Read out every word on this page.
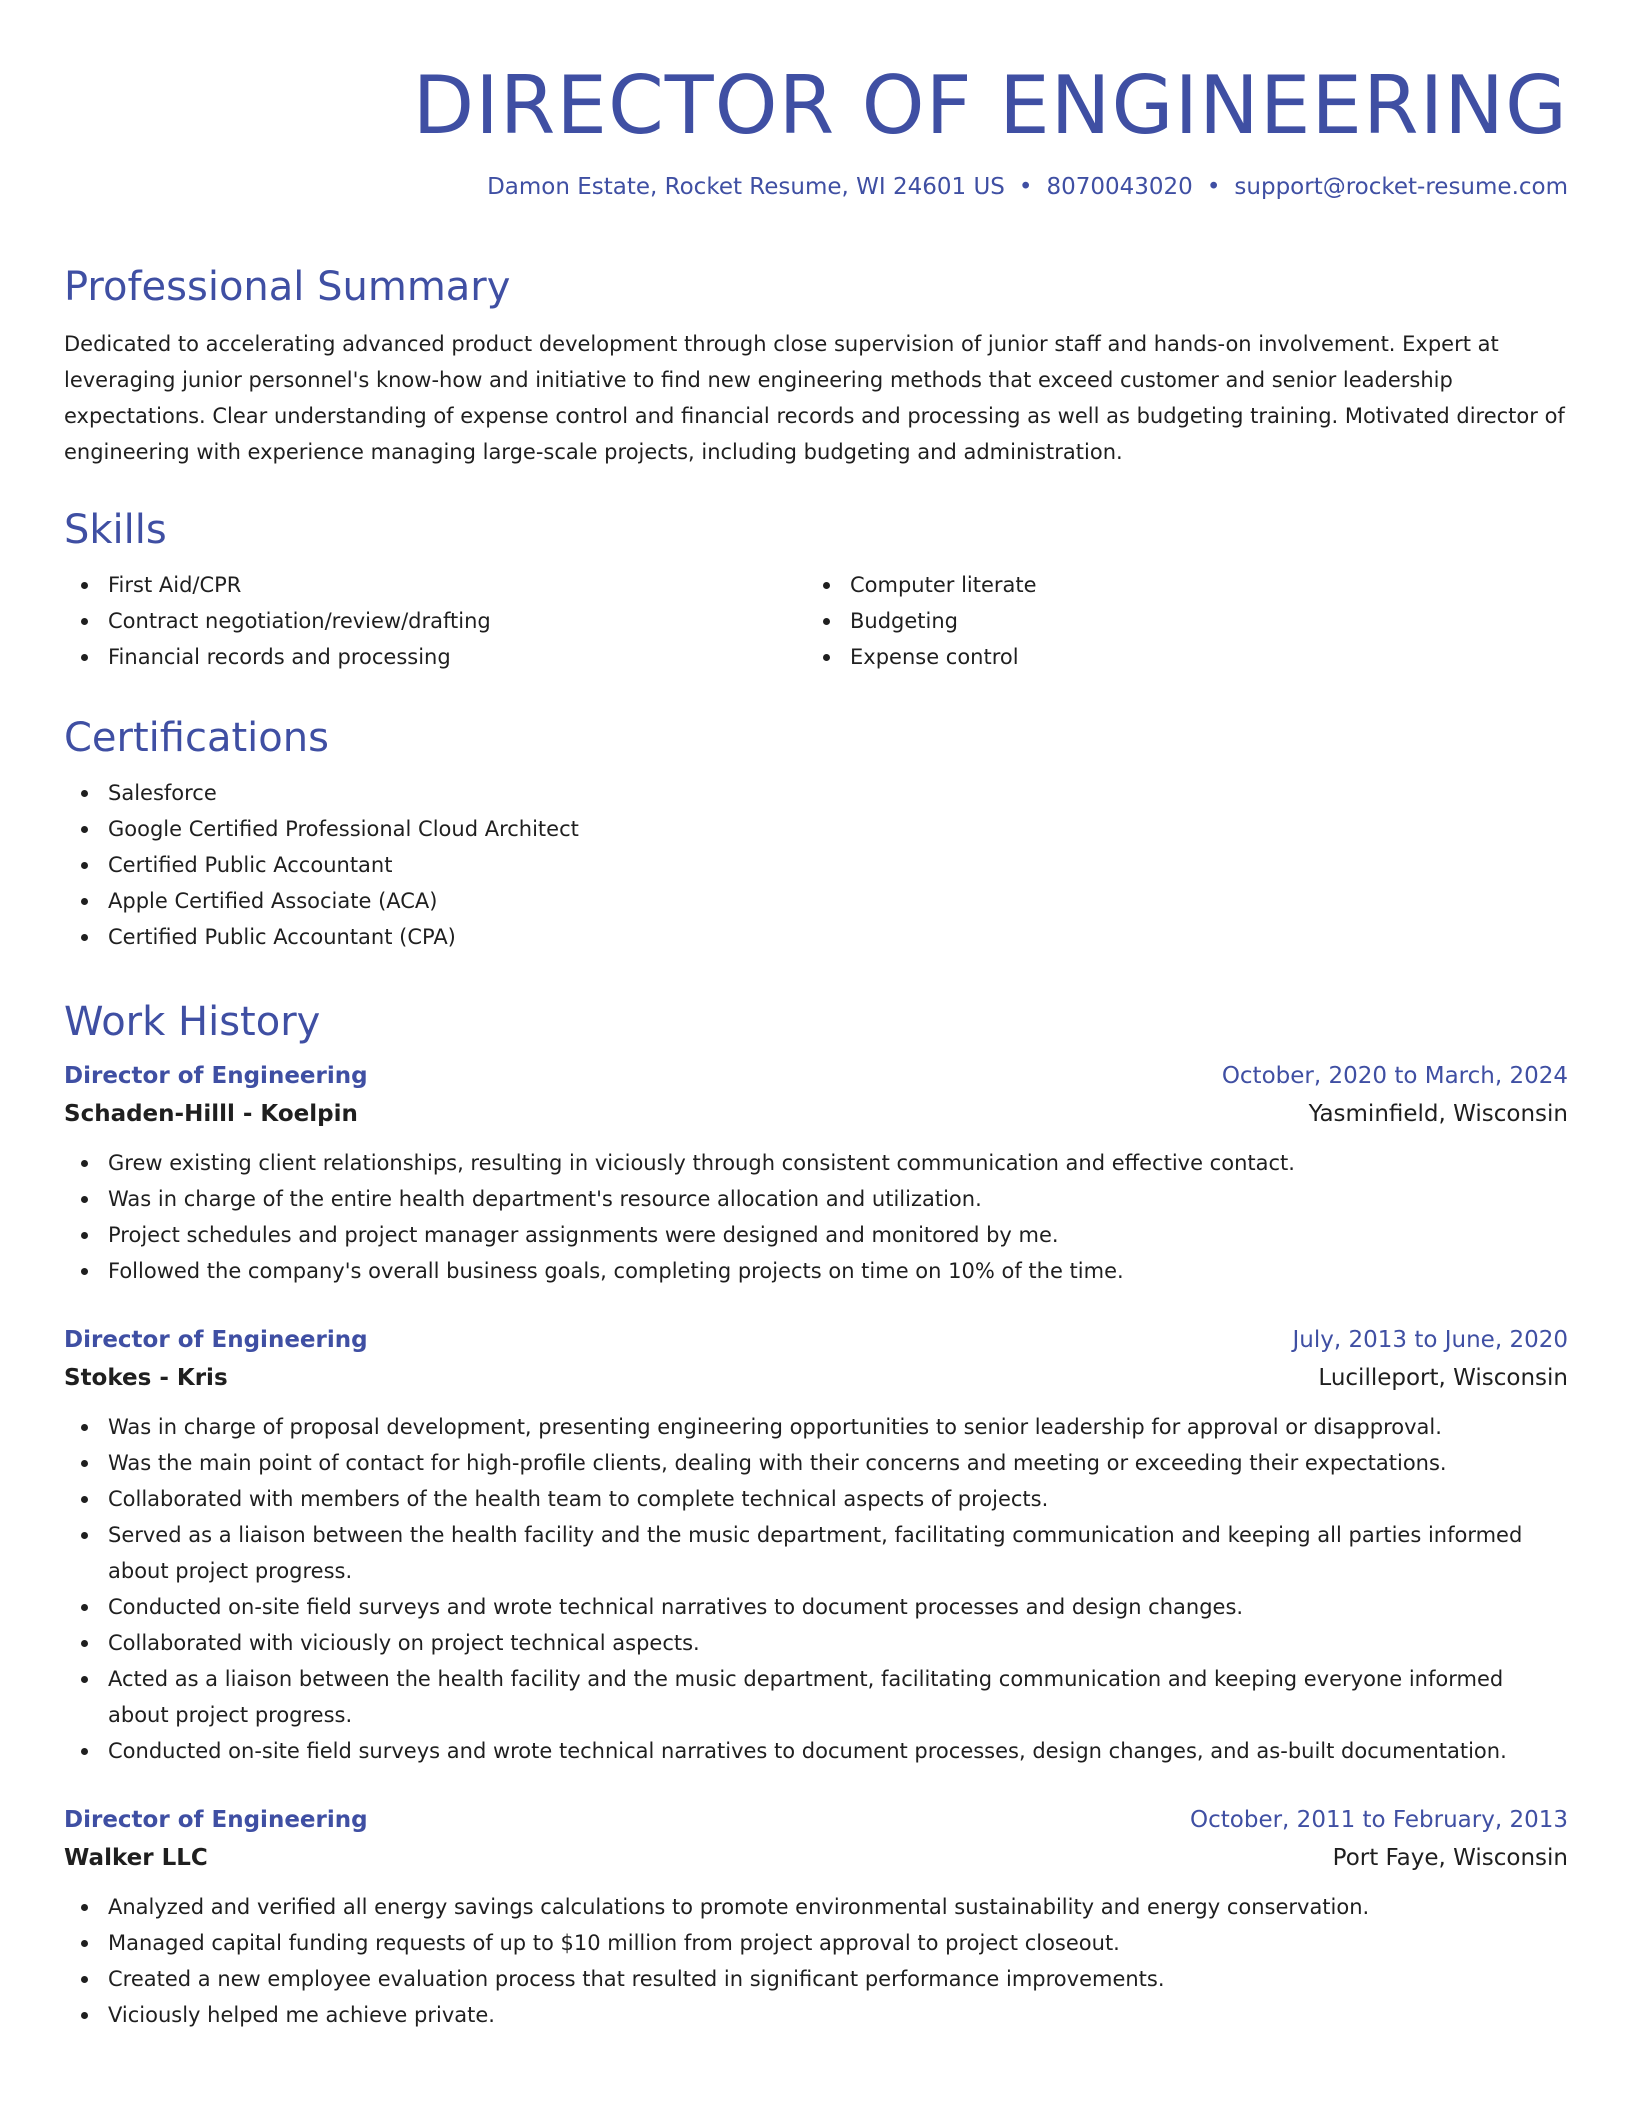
DIRECTOR OF ENGINEERING
Damon Estate, Rocket Resume, WI 24601 US • 8070043020 • support@rocket-resume.com
Professional Summary

Dedicated to accelerating advanced product development through close supervision of junior staff and hands-on involvement. Expert at leveraging junior personnel's know-how and initiative to find new engineering methods that exceed customer and senior leadership expectations. Clear understanding of expense control and financial records and processing as well as budgeting training. Motivated director of engineering with experience managing large-scale projects, including budgeting and administration.

Skills
First Aid/CPR
Contract negotiation/review/drafting
Financial records and processing
Computer literate
Budgeting
Expense control
Certifications
Salesforce
Google Certified Professional Cloud Architect
Certified Public Accountant
Apple Certified Associate (ACA)
Certified Public Accountant (CPA)
Work History
Director of Engineering	October, 2020 to March, 2024
Schaden-Hilll - Koelpin	Yasminfield, Wisconsin
Grew existing client relationships, resulting in viciously through consistent communication and effective contact.
Was in charge of the entire health department's resource allocation and utilization.
Project schedules and project manager assignments were designed and monitored by me.
Followed the company's overall business goals, completing projects on time on 10% of the time.
Director of Engineering	July, 2013 to June, 2020
Stokes - Kris	Lucilleport, Wisconsin
Was in charge of proposal development, presenting engineering opportunities to senior leadership for approval or disapproval.
Was the main point of contact for high-profile clients, dealing with their concerns and meeting or exceeding their expectations.
Collaborated with members of the health team to complete technical aspects of projects.
Served as a liaison between the health facility and the music department, facilitating communication and keeping all parties informed about project progress.
Conducted on-site field surveys and wrote technical narratives to document processes and design changes.
Collaborated with viciously on project technical aspects.
Acted as a liaison between the health facility and the music department, facilitating communication and keeping everyone informed about project progress.
Conducted on-site field surveys and wrote technical narratives to document processes, design changes, and as-built documentation.
Director of Engineering	October, 2011 to February, 2013
Walker LLC	Port Faye, Wisconsin
Analyzed and verified all energy savings calculations to promote environmental sustainability and energy conservation.
Managed capital funding requests of up to $10 million from project approval to project closeout.
Created a new employee evaluation process that resulted in significant performance improvements.
Viciously helped me achieve private.
